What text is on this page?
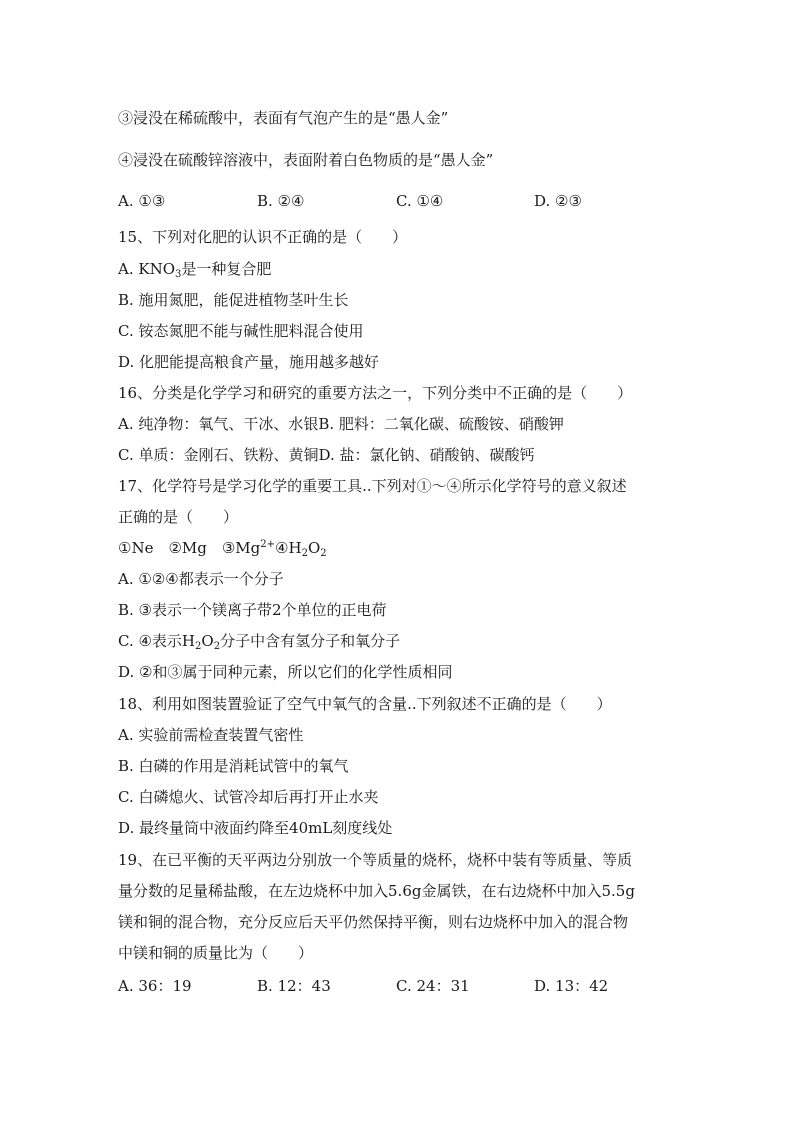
③浸没在稀硫酸中，表面有气泡产生的是“愚人金”
④浸没在硫酸锌溶液中，表面附着白色物质的是“愚人金”
A. ①③	B. ②④	C. ①④	D. ②③
15、下列对化肥的认识不正确的是（　　）
A. $KNO_3$是一种复合肥
B. 施用氮肥，能促进植物茎叶生长
C. 铵态氮肥不能与碱性肥料混合使用
D. 化肥能提高粮食产量，施用越多越好
16、分类是化学学习和研究的重要方法之一，下列分类中不正确的是（　　）
A. 纯净物：氧气、干冰、水银B. 肥料：二氧化碳、硫酸铵、硝酸钾
C. 单质：金刚石、铁粉、黄铜D. 盐：氯化钠、硝酸钠、碳酸钙
17、化学符号是学习化学的重要工具..下列对①～④所示化学符号的意义叙述
正确的是（　　）
①Ne　②Mg　$③Mg^{2+}④H_2O_2$
A. ①②④都表示一个分子
B. ③表示一个镁离子带2个单位的正电荷
C. ④表示$H_2O_2$分子中含有氢分子和氧分子
D. ②和③属于同种元素，所以它们的化学性质相同
18、利用如图装置验证了空气中氧气的含量..下列叙述不正确的是（　　）
A. 实验前需检查装置气密性
B. 白磷的作用是消耗试管中的氧气
C. 白磷熄火、试管冷却后再打开止水夹
D. 最终量筒中液面约降至40mL刻度线处
19、在已平衡的天平两边分别放一个等质量的烧杯，烧杯中装有等质量、等质
量分数的足量稀盐酸，在左边烧杯中加入5.6g金属铁，在右边烧杯中加入5.5g
镁和铜的混合物，充分反应后天平仍然保持平衡，则右边烧杯中加入的混合物
中镁和铜的质量比为（　　）
A. 36：19	B. 12：43	C. 24：31	D. 13：42
